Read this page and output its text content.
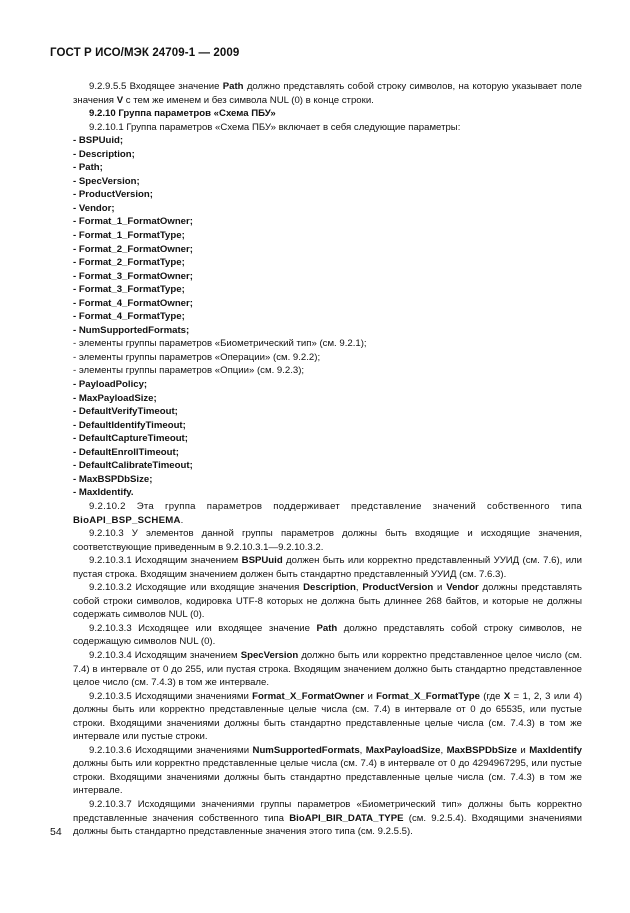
ГОСТ Р ИСО/МЭК 24709-1 — 2009

9.2.9.5.5 Входящее значение Path должно представлять собой строку символов, на которую указывает поле значения V с тем же именем и без символа NUL (0) в конце строки.

9.2.10 Группа параметров «Схема ПБУ»

9.2.10.1 Группа параметров «Схема ПБУ» включает в себя следующие параметры:

- BSPUuid;

- Description;

- Path;

- SpecVersion;

- ProductVersion;

- Vendor;

- Format_1_FormatOwner;

- Format_1_FormatType;

- Format_2_FormatOwner;

- Format_2_FormatType;

- Format_3_FormatOwner;

- Format_3_FormatType;

- Format_4_FormatOwner;

- Format_4_FormatType;

- NumSupportedFormats;

- элементы группы параметров «Биометрический тип» (см. 9.2.1);

- элементы группы параметров «Операции» (см. 9.2.2);

- элементы группы параметров «Опции» (см. 9.2.3);

- PayloadPolicy;

- MaxPayloadSize;

- DefaultVerifyTimeout;

- DefaultIdentifyTimeout;

- DefaultCaptureTimeout;

- DefaultEnrollTimeout;

- DefaultCalibrateTimeout;

- MaxBSPDbSize;

- MaxIdentify.

9.2.10.2 Эта группа параметров поддерживает представление значений собственного типа BioAPI_BSP_SCHEMA.

9.2.10.3 У элементов данной группы параметров должны быть входящие и исходящие значения, соответствующие приведенным в 9.2.10.3.1—9.2.10.3.2.

9.2.10.3.1 Исходящим значением BSPUuid должен быть или корректно представленный УУИД (см. 7.6), или пустая строка. Входящим значением должен быть стандартно представленный УУИД (см. 7.6.3).

9.2.10.3.2 Исходящие или входящие значения Description, ProductVersion и Vendor должны представлять собой строки символов, кодировка UTF-8 которых не должна быть длиннее 268 байтов, и которые не должны содержать символов NUL (0).

9.2.10.3.3 Исходящее или входящее значение Path должно представлять собой строку символов, не содержащую символов NUL (0).

9.2.10.3.4 Исходящим значением SpecVersion должно быть или корректно представленное целое число (см. 7.4) в интервале от 0 до 255, или пустая строка. Входящим значением должно быть стандартно представленное целое число (см. 7.4.3) в том же интервале.

9.2.10.3.5 Исходящими значениями Format_X_FormatOwner и Format_X_FormatType (где X = 1, 2, 3 или 4) должны быть или корректно представленные целые числа (см. 7.4) в интервале от 0 до 65535, или пустые строки. Входящими значениями должны быть стандартно представленные целые числа (см. 7.4.3) в том же интервале или пустые строки.

9.2.10.3.6 Исходящими значениями NumSupportedFormats, MaxPayloadSize, MaxBSPDbSize и MaxIdentify должны быть или корректно представленные целые числа (см. 7.4) в интервале от 0 до 4294967295, или пустые строки. Входящими значениями должны быть стандартно представленные целые числа (см. 7.4.3) в том же интервале.

9.2.10.3.7 Исходящими значениями группы параметров «Биометрический тип» должны быть корректно представленные значения собственного типа BioAPI_BIR_DATA_TYPE (см. 9.2.5.4). Входящими значениями должны быть стандартно представленные значения этого типа (см. 9.2.5.5).

54
